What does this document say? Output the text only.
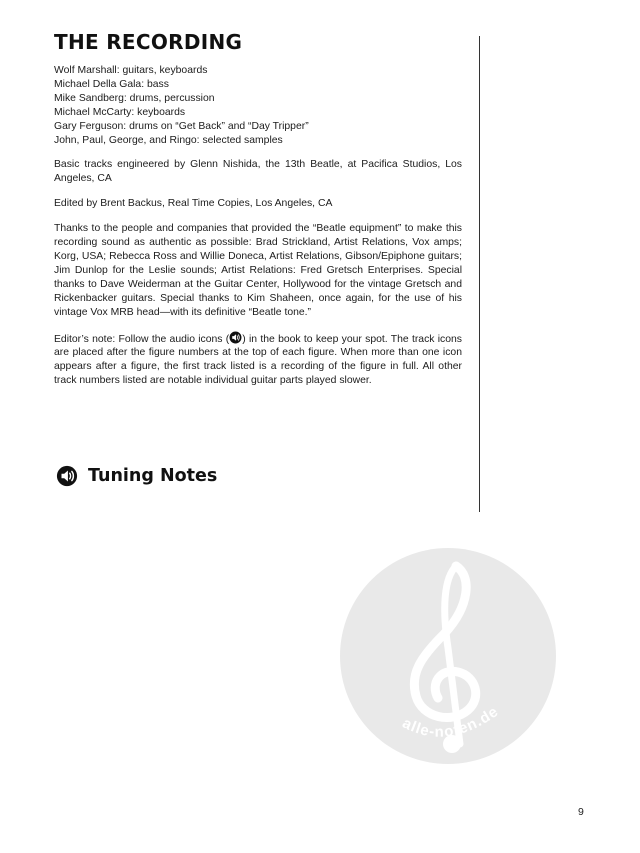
THE RECORDING
Wolf Marshall: guitars, keyboards
Michael Della Gala: bass
Mike Sandberg: drums, percussion
Michael McCarty: keyboards
Gary Ferguson: drums on “Get Back” and “Day Tripper”
John, Paul, George, and Ringo: selected samples

Basic tracks engineered by Glenn Nishida, the 13th Beatle, at Pacifica Studios, Los Angeles, CA

Edited by Brent Backus, Real Time Copies, Los Angeles, CA

Thanks to the people and companies that provided the “Beatle equipment” to make this recording sound as authentic as possible: Brad Strickland, Artist Relations, Vox amps; Korg, USA; Rebecca Ross and Willie Doneca, Artist Relations, Gibson/Epiphone guitars; Jim Dunlop for the Leslie sounds; Artist Relations: Fred Gretsch Enterprises. Special thanks to Dave Weiderman at the Guitar Center, Hollywood for the vintage Gretsch and Rickenbacker guitars. Special thanks to Kim Shaheen, once again, for the use of his vintage Vox MRB head—with its definitive “Beatle tone.”

Editor’s note: Follow the audio icons ( ) in the book to keep your spot. The track icons are placed after the figure numbers at the top of each figure. When more than one icon appears after a figure, the first track listed is a recording of the figure in full. All other track numbers listed are notable individual guitar parts played slower.

Tuning Notes
alle-noten.de
9
